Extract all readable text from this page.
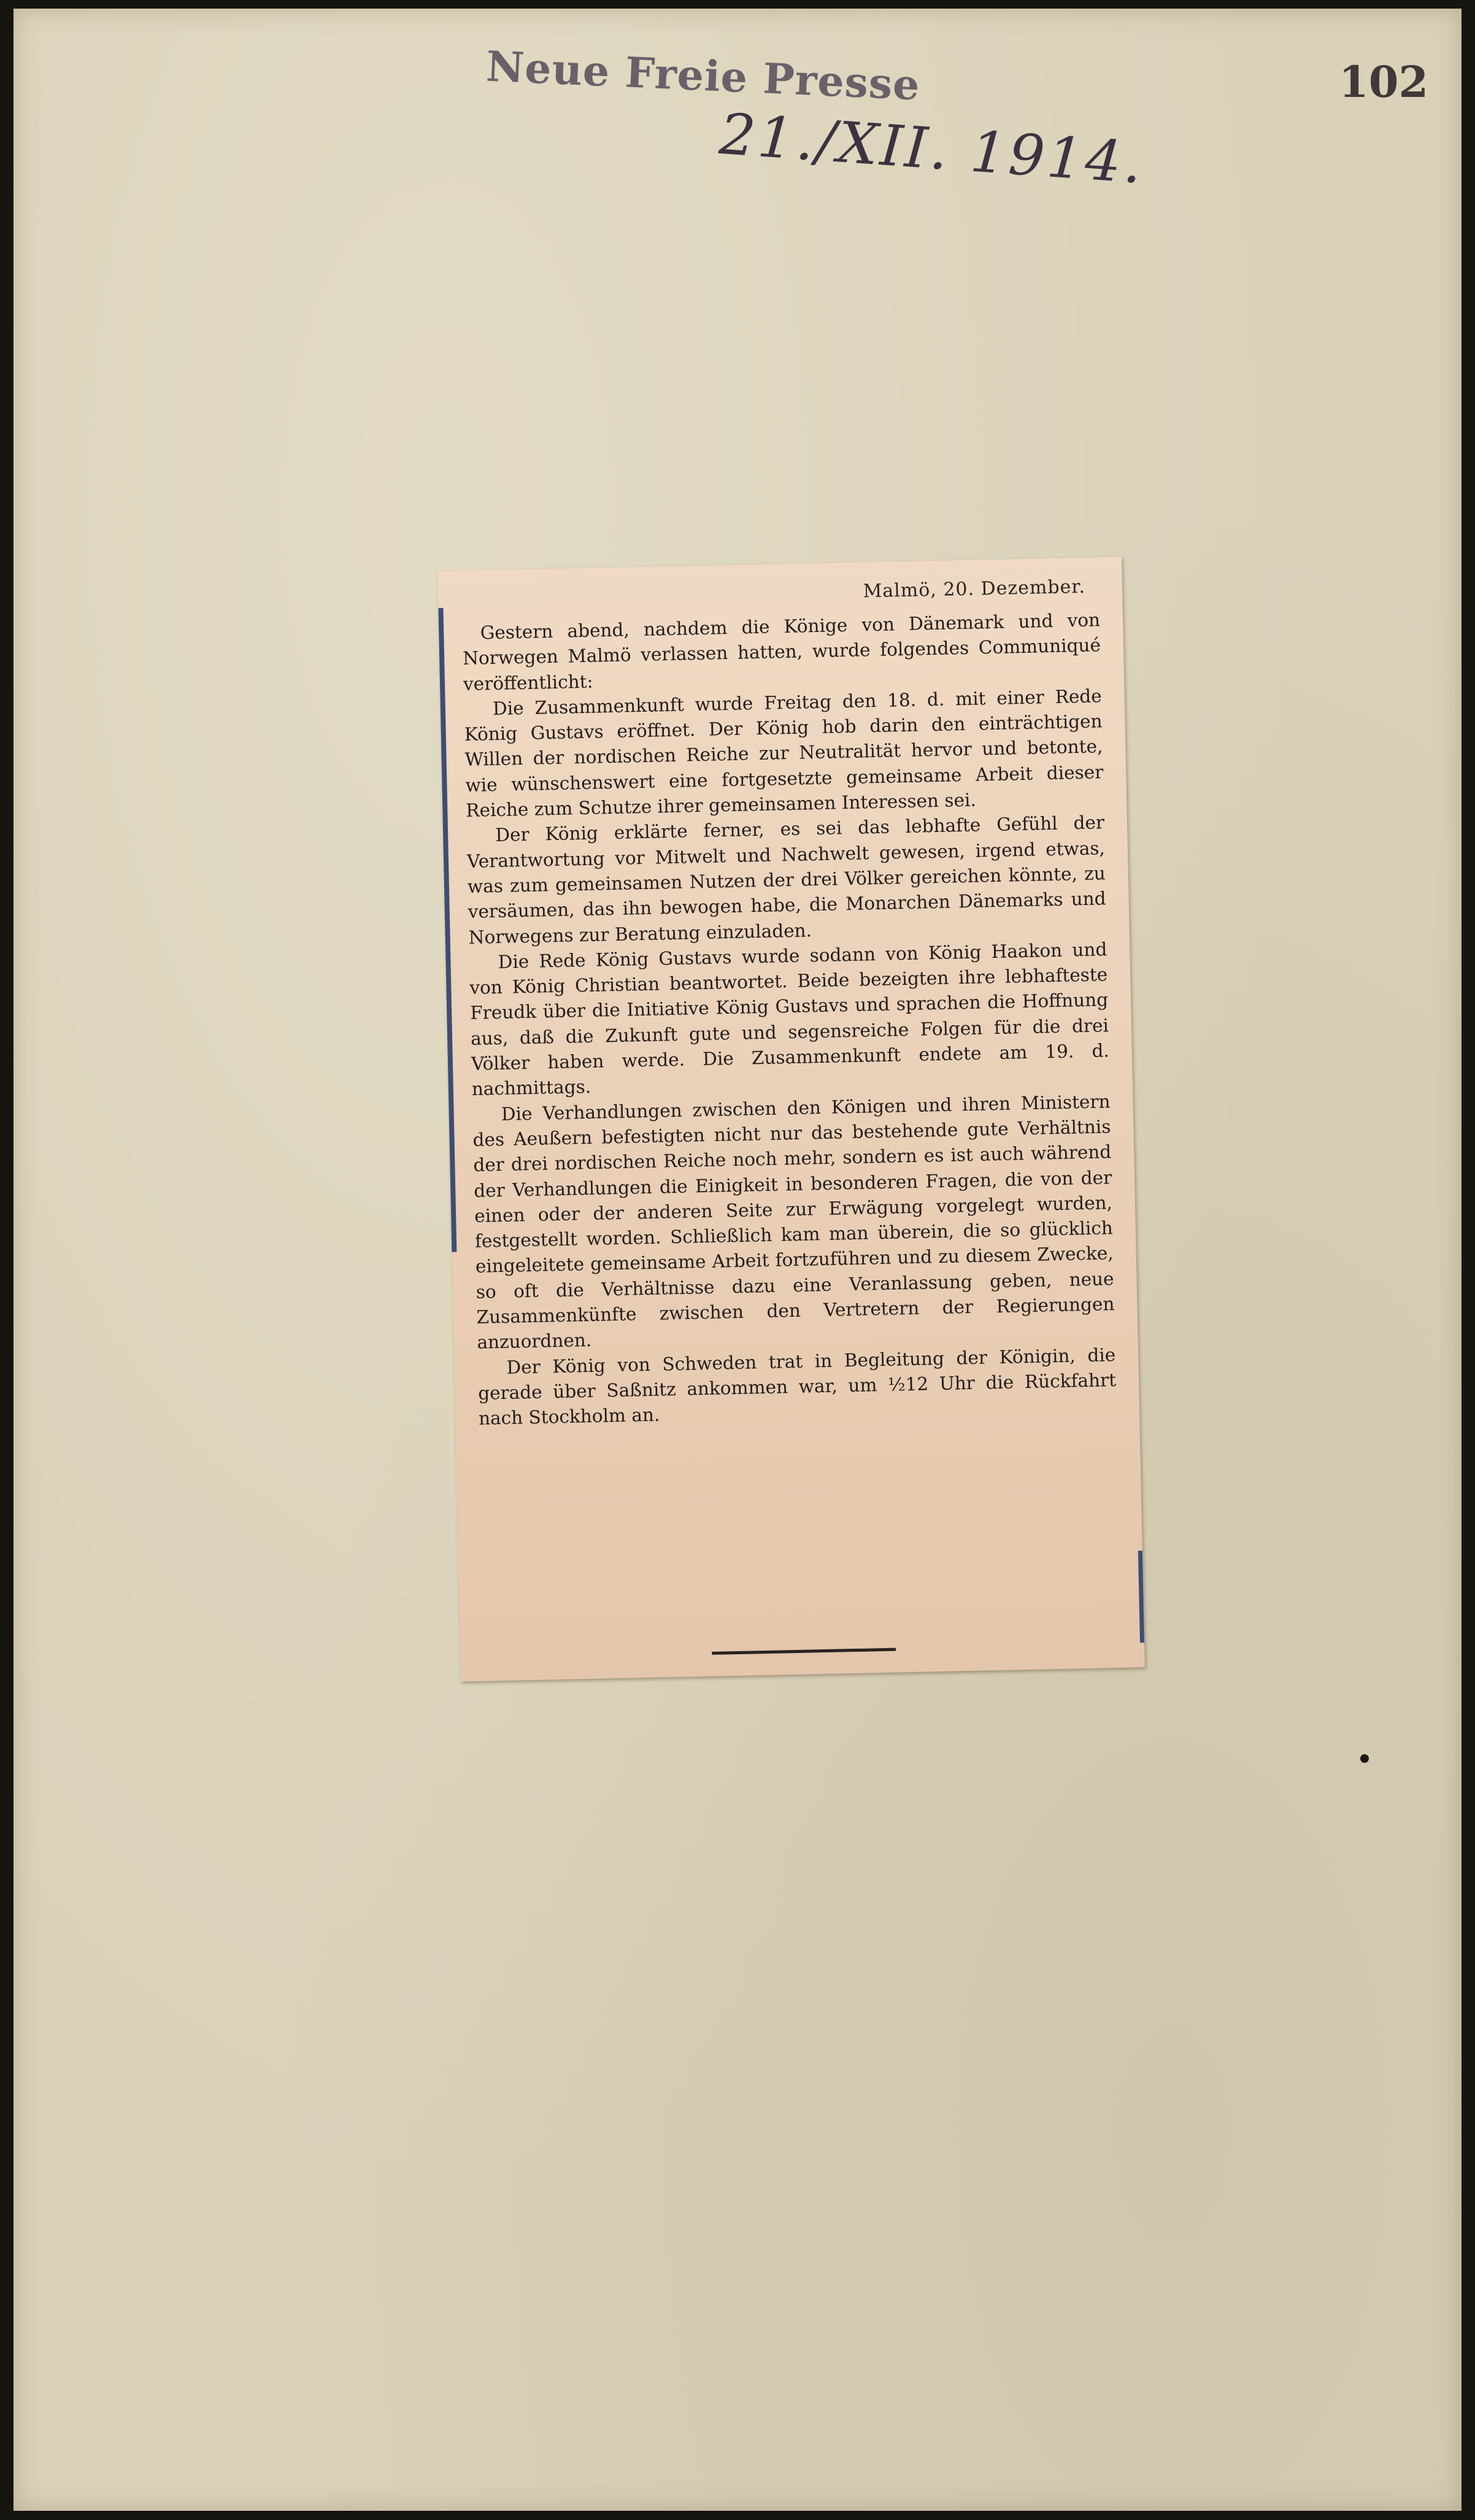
Neue Freie Presse	102
21./XII. 1914.
Malmö, 20. Dezember.

Gestern abend, nachdem die Könige von Dänemark und von Norwegen Malmö verlassen hatten, wurde folgendes Communiqué veröffentlicht:

Die Zusammenkunft wurde Freitag den 18. d. mit einer Rede König Gustavs eröffnet. Der König hob darin den einträchtigen Willen der nordischen Reiche zur Neutralität hervor und betonte, wie wünschenswert eine fortgesetzte gemeinsame Arbeit dieser Reiche zum Schutze ihrer gemeinsamen Interessen sei.

Der König erklärte ferner, es sei das lebhafte Gefühl der Verantwortung vor Mitwelt und Nachwelt gewesen, irgend etwas, was zum gemeinsamen Nutzen der drei Völker gereichen könnte, zu versäumen, das ihn bewogen habe, die Monarchen Dänemarks und Norwegens zur Beratung einzuladen.

Die Rede König Gustavs wurde sodann von König Haakon und von König Christian beantwortet. Beide bezeigten ihre lebhafteste Freudk über die Initiative König Gustavs und sprachen die Hoffnung aus, daß die Zukunft gute und segensreiche Folgen für die drei Völker haben werde. Die Zusammenkunft endete am 19. d. nachmittags.

Die Verhandlungen zwischen den Königen und ihren Ministern des Aeußern befestigten nicht nur das bestehende gute Verhältnis der drei nordischen Reiche noch mehr, sondern es ist auch während der Verhandlungen die Einigkeit in besonderen Fragen, die von der einen oder der anderen Seite zur Erwägung vorgelegt wurden, festgestellt worden. Schließlich kam man überein, die so glücklich eingeleitete gemeinsame Arbeit fortzuführen und zu diesem Zwecke, so oft die Verhältnisse dazu eine Veranlassung geben, neue Zusammenkünfte zwischen den Vertretern der Regierungen anzuordnen.

Der König von Schweden trat in Begleitung der Königin, die gerade über Saßnitz ankommen war, um ½12 Uhr die Rückfahrt nach Stockholm an.
